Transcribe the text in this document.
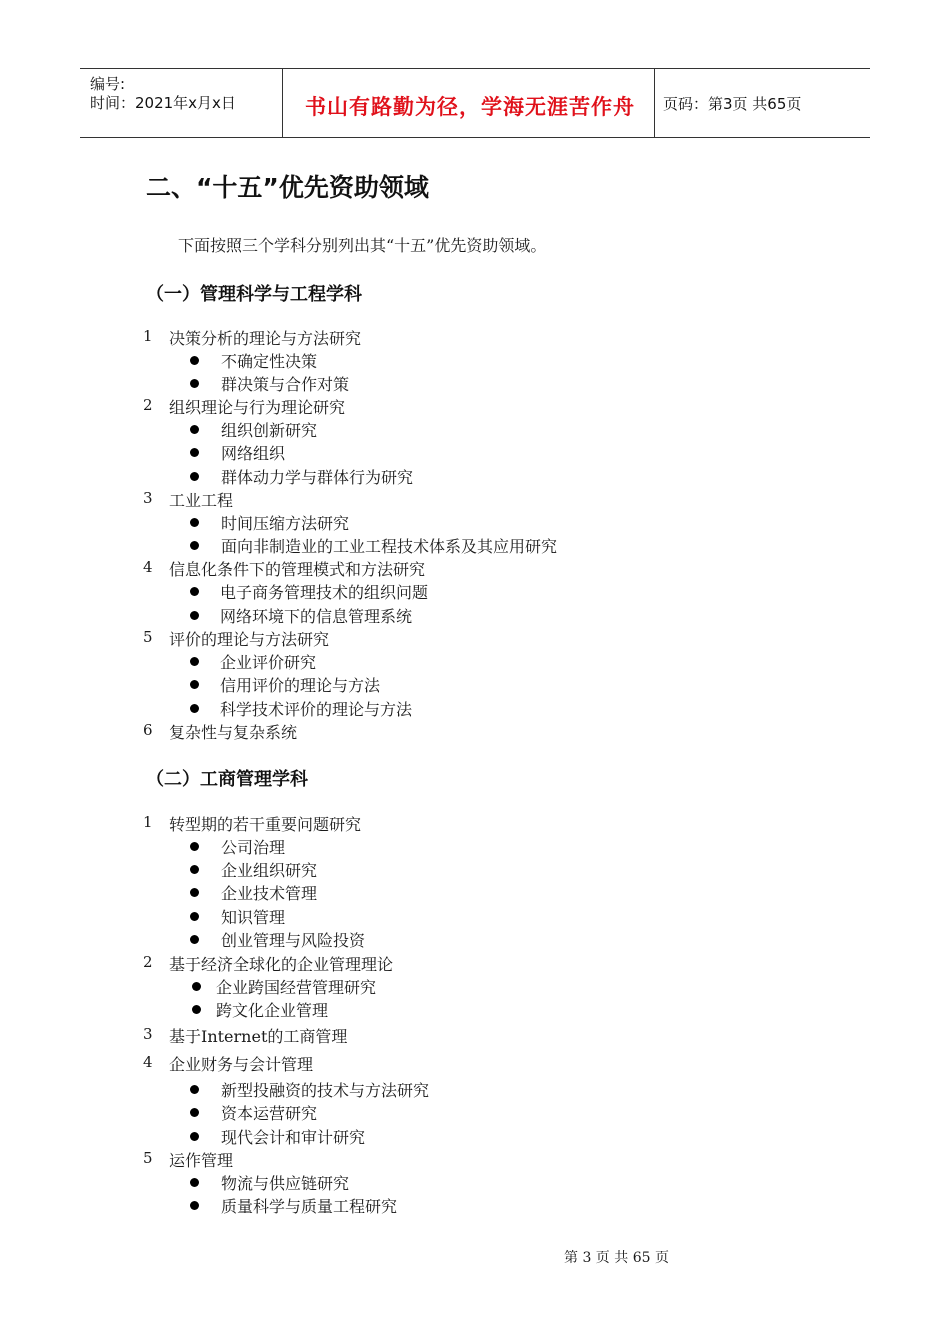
编号:
时间：2021年x月x日	书山有路勤为径，学海无涯苦作舟 页码：第3页 共65页
二、“十五”优先资助领域
下面按照三个学科分别列出其“十五”优先资助领域。
（一）管理科学与工程学科
（二）工商管理学科
1 决策分析的理论与方法研究
不确定性决策
群决策与合作对策
2 组织理论与行为理论研究
组织创新研究
网络组织
群体动力学与群体行为研究
3 工业工程
时间压缩方法研究
面向非制造业的工业工程技术体系及其应用研究
4 信息化条件下的管理模式和方法研究
电子商务管理技术的组织问题
网络环境下的信息管理系统
5 评价的理论与方法研究
企业评价研究
信用评价的理论与方法
科学技术评价的理论与方法
6 复杂性与复杂系统
1 转型期的若干重要问题研究
公司治理
企业组织研究
企业技术管理
知识管理
创业管理与风险投资
2 基于经济全球化的企业管理理论
企业跨国经营管理研究
跨文化企业管理
3 基于Internet的工商管理
4 企业财务与会计管理
新型投融资的技术与方法研究
资本运营研究
现代会计和审计研究
5 运作管理
物流与供应链研究
质量科学与质量工程研究
第 3 页 共 65 页
